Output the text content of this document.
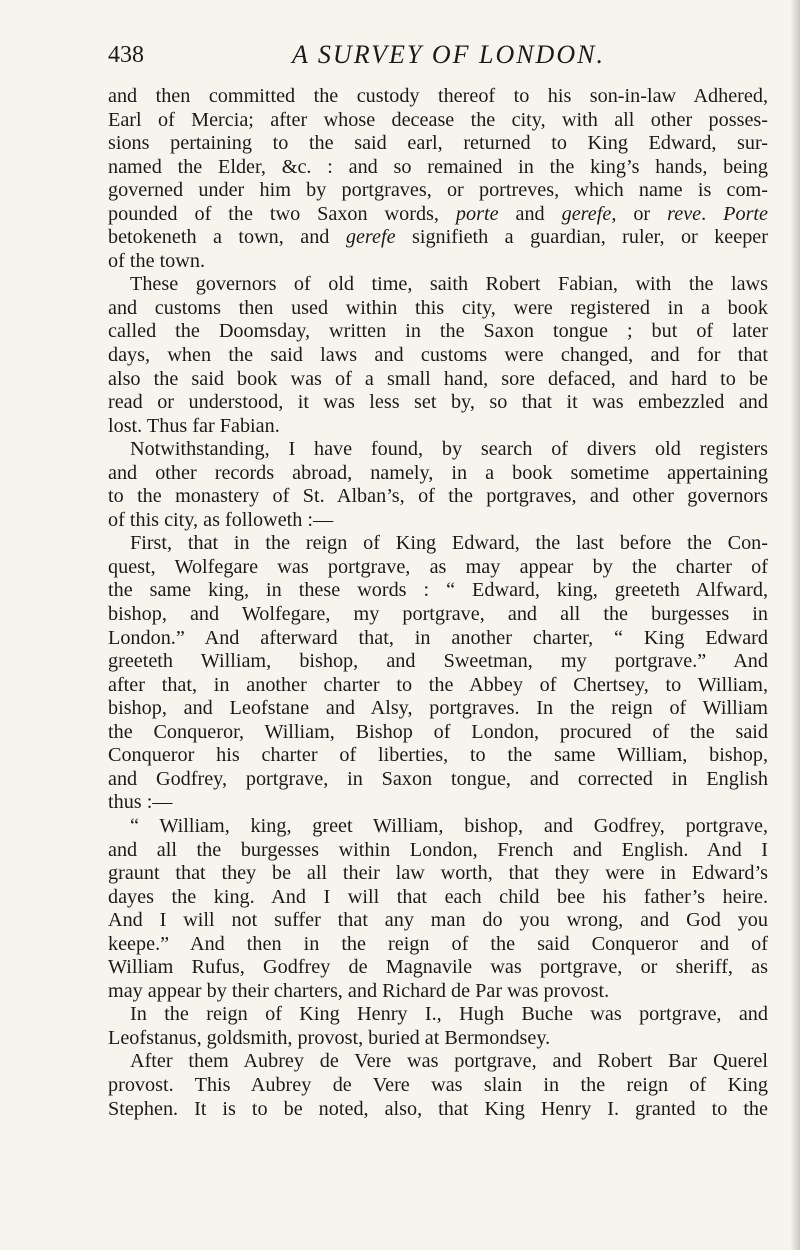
438	A SURVEY OF LONDON.
and then committed the custody thereof to his son-in-law Adhered,
Earl of Mercia; after whose decease the city, with all other posses-
sions pertaining to the said earl, returned to King Edward, sur-
named the Elder, &c. : and so remained in the king’s hands, being
governed under him by portgraves, or portreves, which name is com-
pounded of the two Saxon words, porte and gerefe, or reve. Porte
betokeneth a town, and gerefe signifieth a guardian, ruler, or keeper
of the town.
These governors of old time, saith Robert Fabian, with the laws
and customs then used within this city, were registered in a book
called the Doomsday, written in the Saxon tongue ; but of later
days, when the said laws and customs were changed, and for that
also the said book was of a small hand, sore defaced, and hard to be
read or understood, it was less set by, so that it was embezzled and
lost. Thus far Fabian.
Notwithstanding, I have found, by search of divers old registers
and other records abroad, namely, in a book sometime appertaining
to the monastery of St. Alban’s, of the portgraves, and other governors
of this city, as followeth :—
First, that in the reign of King Edward, the last before the Con-
quest, Wolfegare was portgrave, as may appear by the charter of
the same king, in these words : “ Edward, king, greeteth Alfward,
bishop, and Wolfegare, my portgrave, and all the burgesses in
London.” And afterward that, in another charter, “ King Edward
greeteth William, bishop, and Sweetman, my portgrave.” And
after that, in another charter to the Abbey of Chertsey, to William,
bishop, and Leofstane and Alsy, portgraves. In the reign of William
the Conqueror, William, Bishop of London, procured of the said
Conqueror his charter of liberties, to the same William, bishop,
and Godfrey, portgrave, in Saxon tongue, and corrected in English
thus :—
“ William, king, greet William, bishop, and Godfrey, portgrave,
and all the burgesses within London, French and English. And I
graunt that they be all their law worth, that they were in Edward’s
dayes the king. And I will that each child bee his father’s heire.
And I will not suffer that any man do you wrong, and God you
keepe.” And then in the reign of the said Conqueror and of
William Rufus, Godfrey de Magnavile was portgrave, or sheriff, as
may appear by their charters, and Richard de Par was provost.
In the reign of King Henry I., Hugh Buche was portgrave, and
Leofstanus, goldsmith, provost, buried at Bermondsey.
After them Aubrey de Vere was portgrave, and Robert Bar Querel
provost. This Aubrey de Vere was slain in the reign of King
Stephen. It is to be noted, also, that King Henry I. granted to the
